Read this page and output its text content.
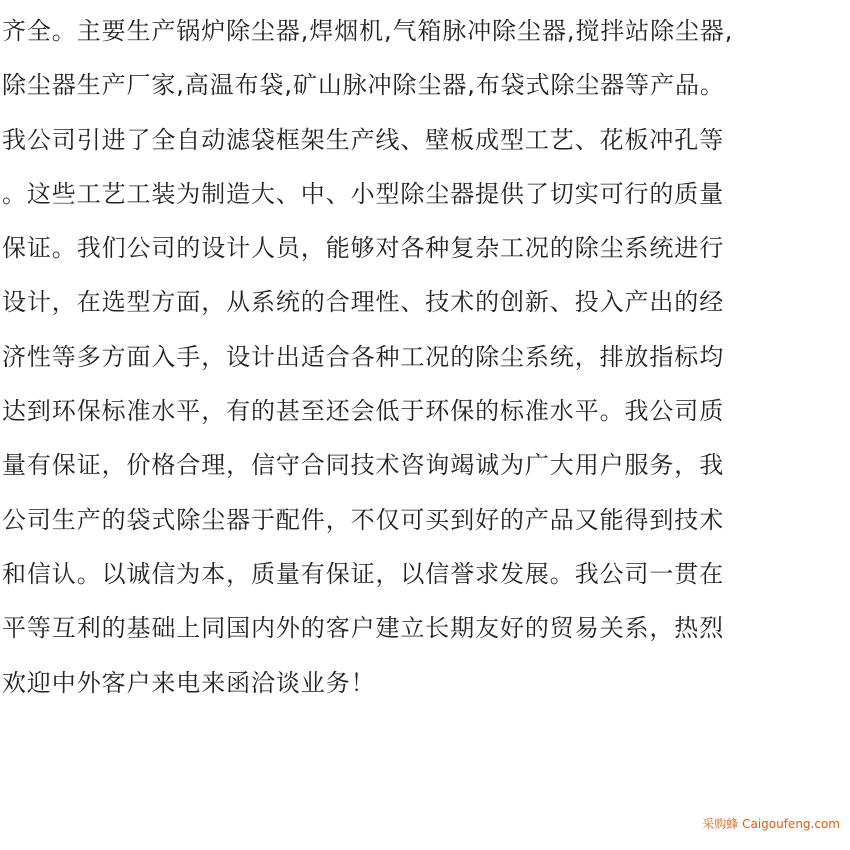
齐全。主要生产锅炉除尘器,焊烟机,气箱脉冲除尘器,搅拌站除尘器,
除尘器生产厂家,高温布袋,矿山脉冲除尘器,布袋式除尘器等产品。
我公司引进了全自动滤袋框架生产线、壁板成型工艺、花板冲孔等
。这些工艺工装为制造大、中、小型除尘器提供了切实可行的质量
保证。我们公司的设计人员，能够对各种复杂工况的除尘系统进行
设计，在选型方面，从系统的合理性、技术的创新、投入产出的经
济性等多方面入手，设计出适合各种工况的除尘系统，排放指标均
达到环保标准水平，有的甚至还会低于环保的标准水平。我公司质
量有保证，价格合理，信守合同技术咨询竭诚为广大用户服务，我
公司生产的袋式除尘器于配件，不仅可买到好的产品又能得到技术
和信认。以诚信为本，质量有保证，以信誉求发展。我公司一贯在
平等互利的基础上同国内外的客户建立长期友好的贸易关系，热烈
欢迎中外客户来电来函洽谈业务！
采购蜂 Caigoufeng.com
